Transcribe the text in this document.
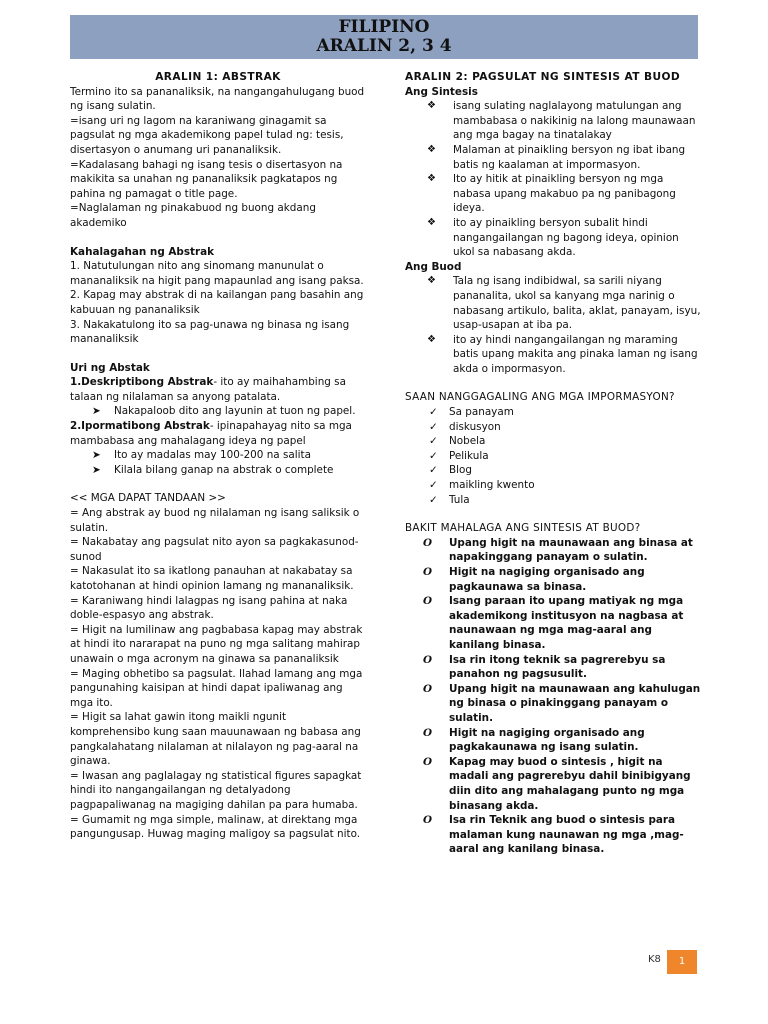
FILIPINO
ARALIN 2, 3 4

ARALIN 1: ABSTRAK

Termino ito sa pananaliksik, na nangangahulugang buod ng isang sulatin.

=isang uri ng lagom na karaniwang ginagamit sa pagsulat ng mga akademikong papel tulad ng: tesis, disertasyon o anumang uri pananaliksik.

=Kadalasang bahagi ng isang tesis o disertasyon na makikita sa unahan ng pananaliksik pagkatapos ng pahina ng pamagat o title page.

=Naglalaman ng pinakabuod ng buong akdang akademiko

Kahalagahan ng Abstrak

1. Natutulungan nito ang sinomang manunulat o mananaliksik na higit pang mapaunlad ang isang paksa.

2. Kapag may abstrak di na kailangan pang basahin ang kabuuan ng pananaliksik

3. Nakakatulong ito sa pag-unawa ng binasa ng isang mananaliksik

Uri ng Abstak

1.Deskriptibong Abstrak- ito ay maihahambing sa talaan ng nilalaman sa anyong patalata.

➤ Nakapaloob dito ang layunin at tuon ng papel.

2.Ipormatibong Abstrak- ipinapahayag nito sa mga mambabasa ang mahalagang ideya ng papel

➤ Ito ay madalas may 100-200 na salita
➤ Kilala bilang ganap na abstrak o complete

<< MGA DAPAT TANDAAN >>

= Ang abstrak ay buod ng nilalaman ng isang saliksik o sulatin.

= Nakabatay ang pagsulat nito ayon sa pagkakasunod-sunod

= Nakasulat ito sa ikatlong panauhan at nakabatay sa katotohanan at hindi opinion lamang ng mananaliksik.

= Karaniwang hindi lalagpas ng isang pahina at naka doble-espasyo ang abstrak.

= Higit na lumilinaw ang pagbabasa kapag may abstrak at hindi ito nararapat na puno ng mga salitang mahirap unawain o mga acronym na ginawa sa pananaliksik

= Maging obhetibo sa pagsulat. Ilahad lamang ang mga pangunahing kaisipan at hindi dapat ipaliwanag ang mga ito.

= Higit sa lahat gawin itong maikli ngunit komprehensibo kung saan mauunawaan ng babasa ang pangkalahatang nilalaman at nilalayon ng pag-aaral na ginawa.

= Iwasan ang paglalagay ng statistical figures sapagkat hindi ito nangangailangan ng detalyadong pagpapaliwanag na magiging dahilan pa para humaba.

= Gumamit ng mga simple, malinaw, at direktang mga pangungusap. Huwag maging maligoy sa pagsulat nito.

ARALIN 2: PAGSULAT NG SINTESIS AT BUOD

Ang Sintesis

❖ isang sulating naglalayong matulungan ang mambabasa o nakikinig na lalong maunawaan ang mga bagay na tinatalakay
❖ Malaman at pinaikling bersyon ng ibat ibang batis ng kaalaman at impormasyon.
❖ Ito ay hitik at pinaikling bersyon ng mga nabasa upang makabuo pa ng panibagong ideya.
❖ ito ay pinaikling bersyon subalit hindi nangangailangan ng bagong ideya, opinion ukol sa nabasang akda.

Ang Buod

❖ Tala ng isang indibidwal, sa sarili niyang pananalita, ukol sa kanyang mga narinig o nabasang artikulo, balita, aklat, panayam, isyu, usap-usapan at iba pa.
❖ ito ay hindi nangangailangan ng maraming batis upang makita ang pinaka laman ng isang akda o impormasyon.

SAAN NANGGAGALING ANG MGA IMPORMASYON?

✓ Sa panayam
✓ diskusyon
✓ Nobela
✓ Pelikula
✓ Blog
✓ maikling kwento
✓ Tula

BAKIT MAHALAGA ANG SINTESIS AT BUOD?

O Upang higit na maunawaan ang binasa at napakinggang panayam o sulatin.
O Higit na nagiging organisado ang pagkaunawa sa binasa.
O Isang paraan ito upang matiyak ng mga akademikong institusyon na nagbasa at naunawaan ng mga mag-aaral ang kanilang binasa.
O Isa rin itong teknik sa pagrerebyu sa panahon ng pagsusulit.
O Upang higit na maunawaan ang kahulugan ng binasa o pinakinggang panayam o sulatin.
O Higit na nagiging organisado ang pagkakaunawa ng isang sulatin.
O Kapag may buod o sintesis , higit na madali ang pagrerebyu dahil binibigyang diin dito ang mahalagang punto ng mga binasang akda.
O Isa rin Teknik ang buod o sintesis para malaman kung naunawan ng mga ,mag-aaral ang kanilang binasa.
K8	1
